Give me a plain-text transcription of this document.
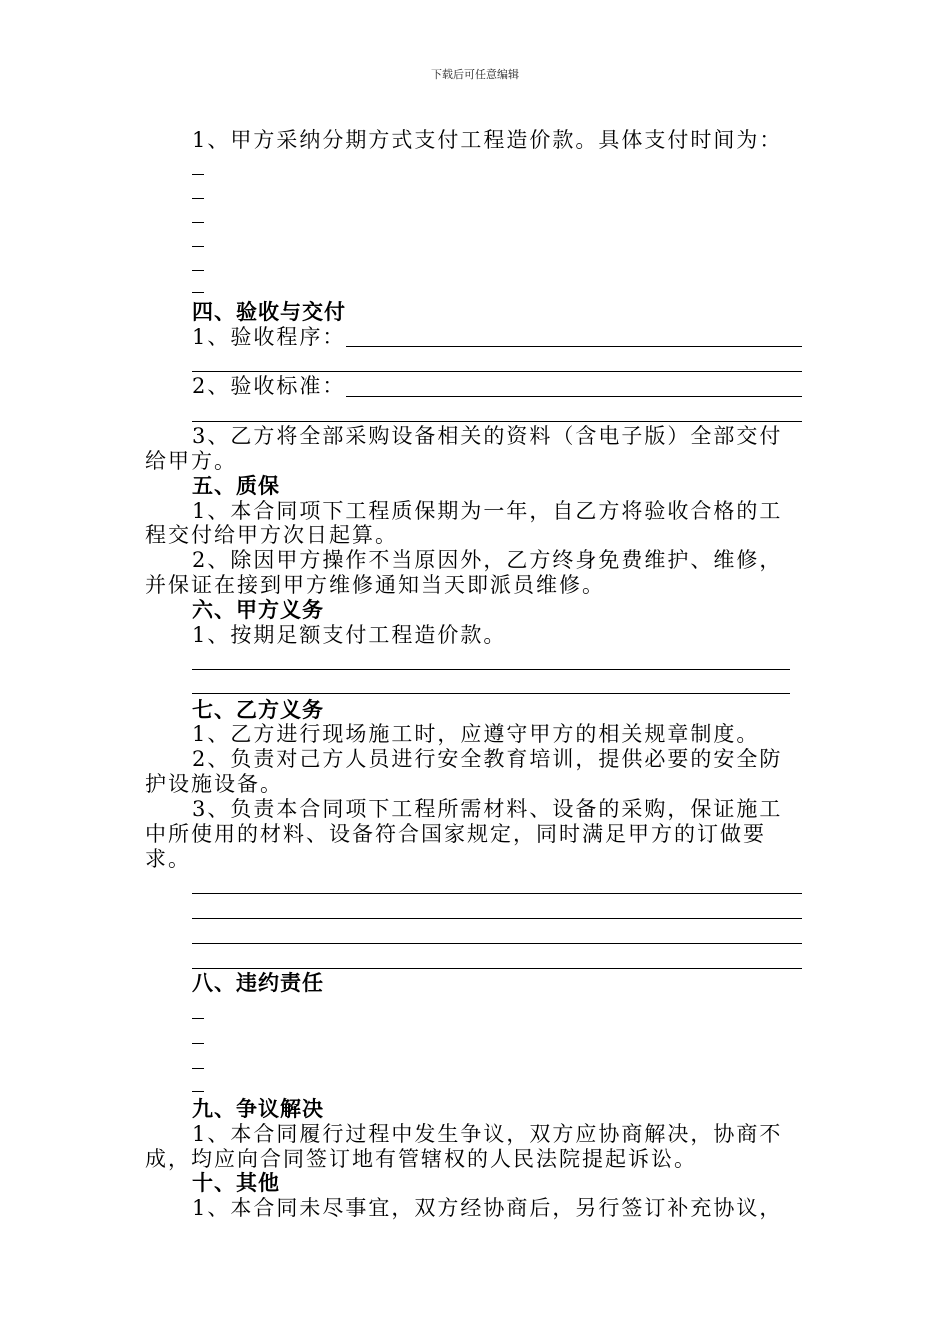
下载后可任意编辑
1、甲方采纳分期方式支付工程造价款。具体支付时间为：
四、验收与交付
1、验收程序：
2、验收标准：
3、乙方将全部采购设备相关的资料（含电子版）全部交付
给甲方。
五、质保
1、本合同项下工程质保期为一年，自乙方将验收合格的工
程交付给甲方次日起算。
2、除因甲方操作不当原因外，乙方终身免费维护、维修，
并保证在接到甲方维修通知当天即派员维修。
六、甲方义务
1、按期足额支付工程造价款。
七、乙方义务
1、乙方进行现场施工时，应遵守甲方的相关规章制度。
2、负责对己方人员进行安全教育培训，提供必要的安全防
护设施设备。
3、负责本合同项下工程所需材料、设备的采购，保证施工
中所使用的材料、设备符合国家规定，同时满足甲方的订做要
求。
八、违约责任
九、争议解决
1、本合同履行过程中发生争议，双方应协商解决，协商不
成，均应向合同签订地有管辖权的人民法院提起诉讼。
十、其他
1、本合同未尽事宜，双方经协商后，另行签订补充协议，
